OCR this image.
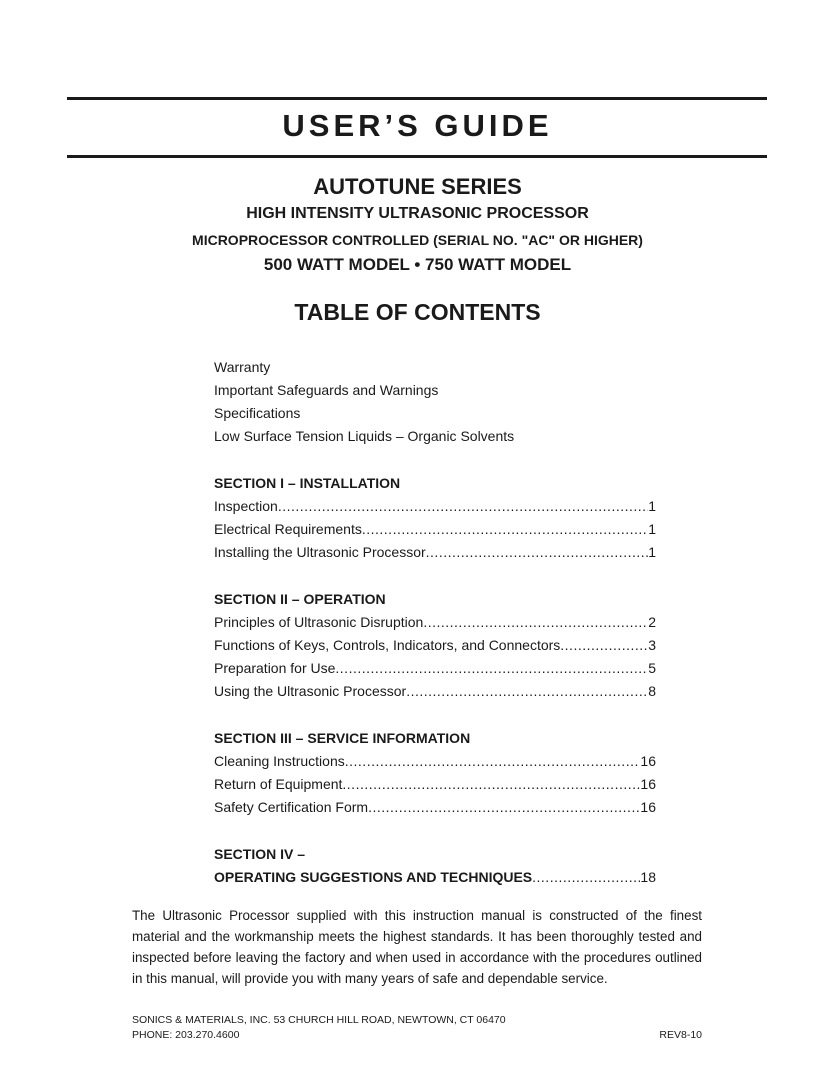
USER’S GUIDE
AUTOTUNE SERIES
HIGH INTENSITY ULTRASONIC PROCESSOR
MICROPROCESSOR CONTROLLED (SERIAL NO. "AC" OR HIGHER)
500 WATT MODEL • 750 WATT MODEL
TABLE OF CONTENTS
Warranty
Important Safeguards and Warnings
Specifications
Low Surface Tension Liquids – Organic Solvents
SECTION I – INSTALLATION
Inspection .....	1
Electrical Requirements .....	1
Installing the Ultrasonic Processor .....	1
SECTION II – OPERATION
Principles of Ultrasonic Disruption .....	2
Functions of Keys, Controls, Indicators, and Connectors .....	3
Preparation for Use .....	5
Using the Ultrasonic Processor .....	8
SECTION III – SERVICE INFORMATION
Cleaning Instructions .....	16
Return of Equipment .....	16
Safety Certification Form .....	16
SECTION IV –
OPERATING SUGGESTIONS AND TECHNIQUES .....	18
The Ultrasonic Processor supplied with this instruction manual is constructed of the finest material and the workmanship meets the highest standards. It has been thoroughly tested and inspected before leaving the factory and when used in accordance with the procedures outlined in this manual, will provide you with many years of safe and dependable service.
SONICS & MATERIALS, INC. 53 CHURCH HILL ROAD, NEWTOWN, CT 06470
PHONE: 203.270.4600	REV8-10
